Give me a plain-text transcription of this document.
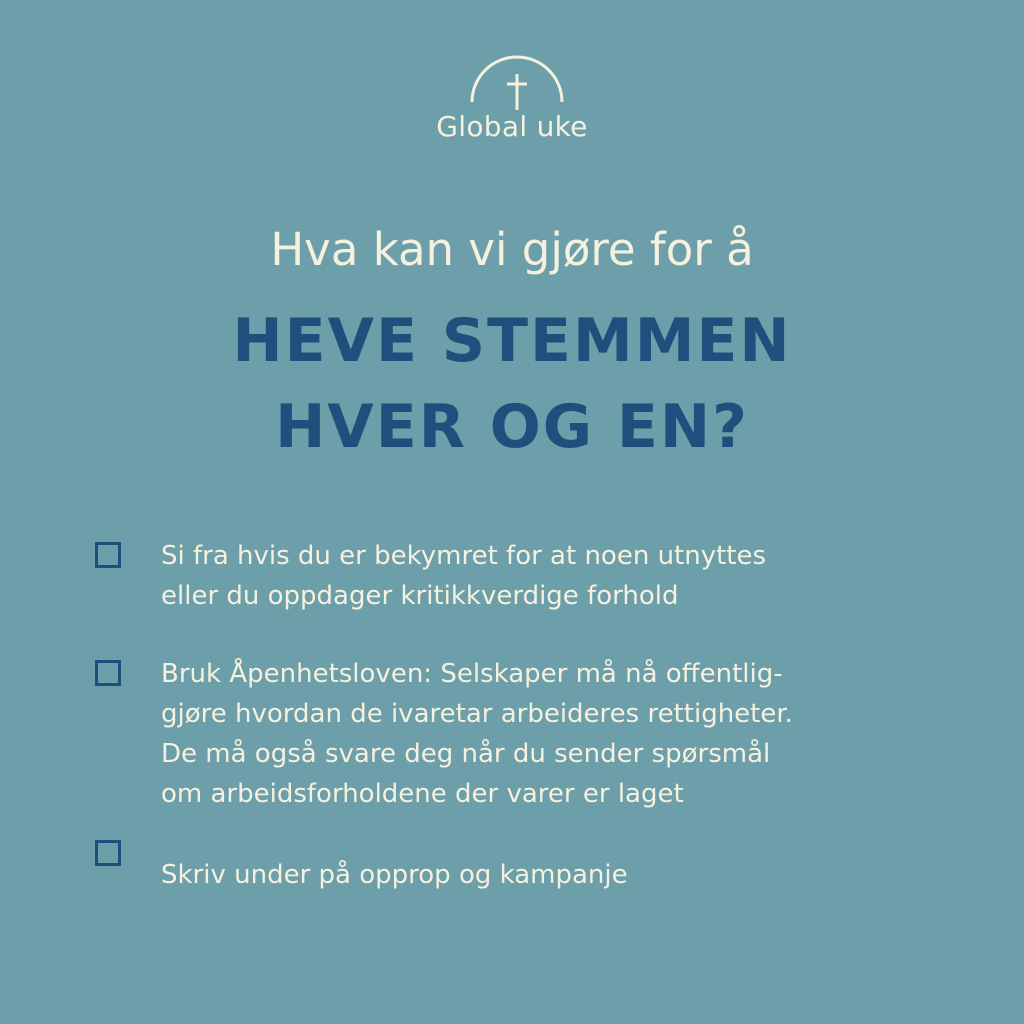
Global uke
Hva kan vi gjøre for å
HEVE STEMMEN
HVER OG EN?
Si fra hvis du er bekymret for at noen utnyttes
eller du oppdager kritikkverdige forhold
Bruk Åpenhetsloven: Selskaper må nå offentlig-
gjøre hvordan de ivaretar arbeideres rettigheter.
De må også svare deg når du sender spørsmål
om arbeidsforholdene der varer er laget
Skriv under på opprop og kampanje
